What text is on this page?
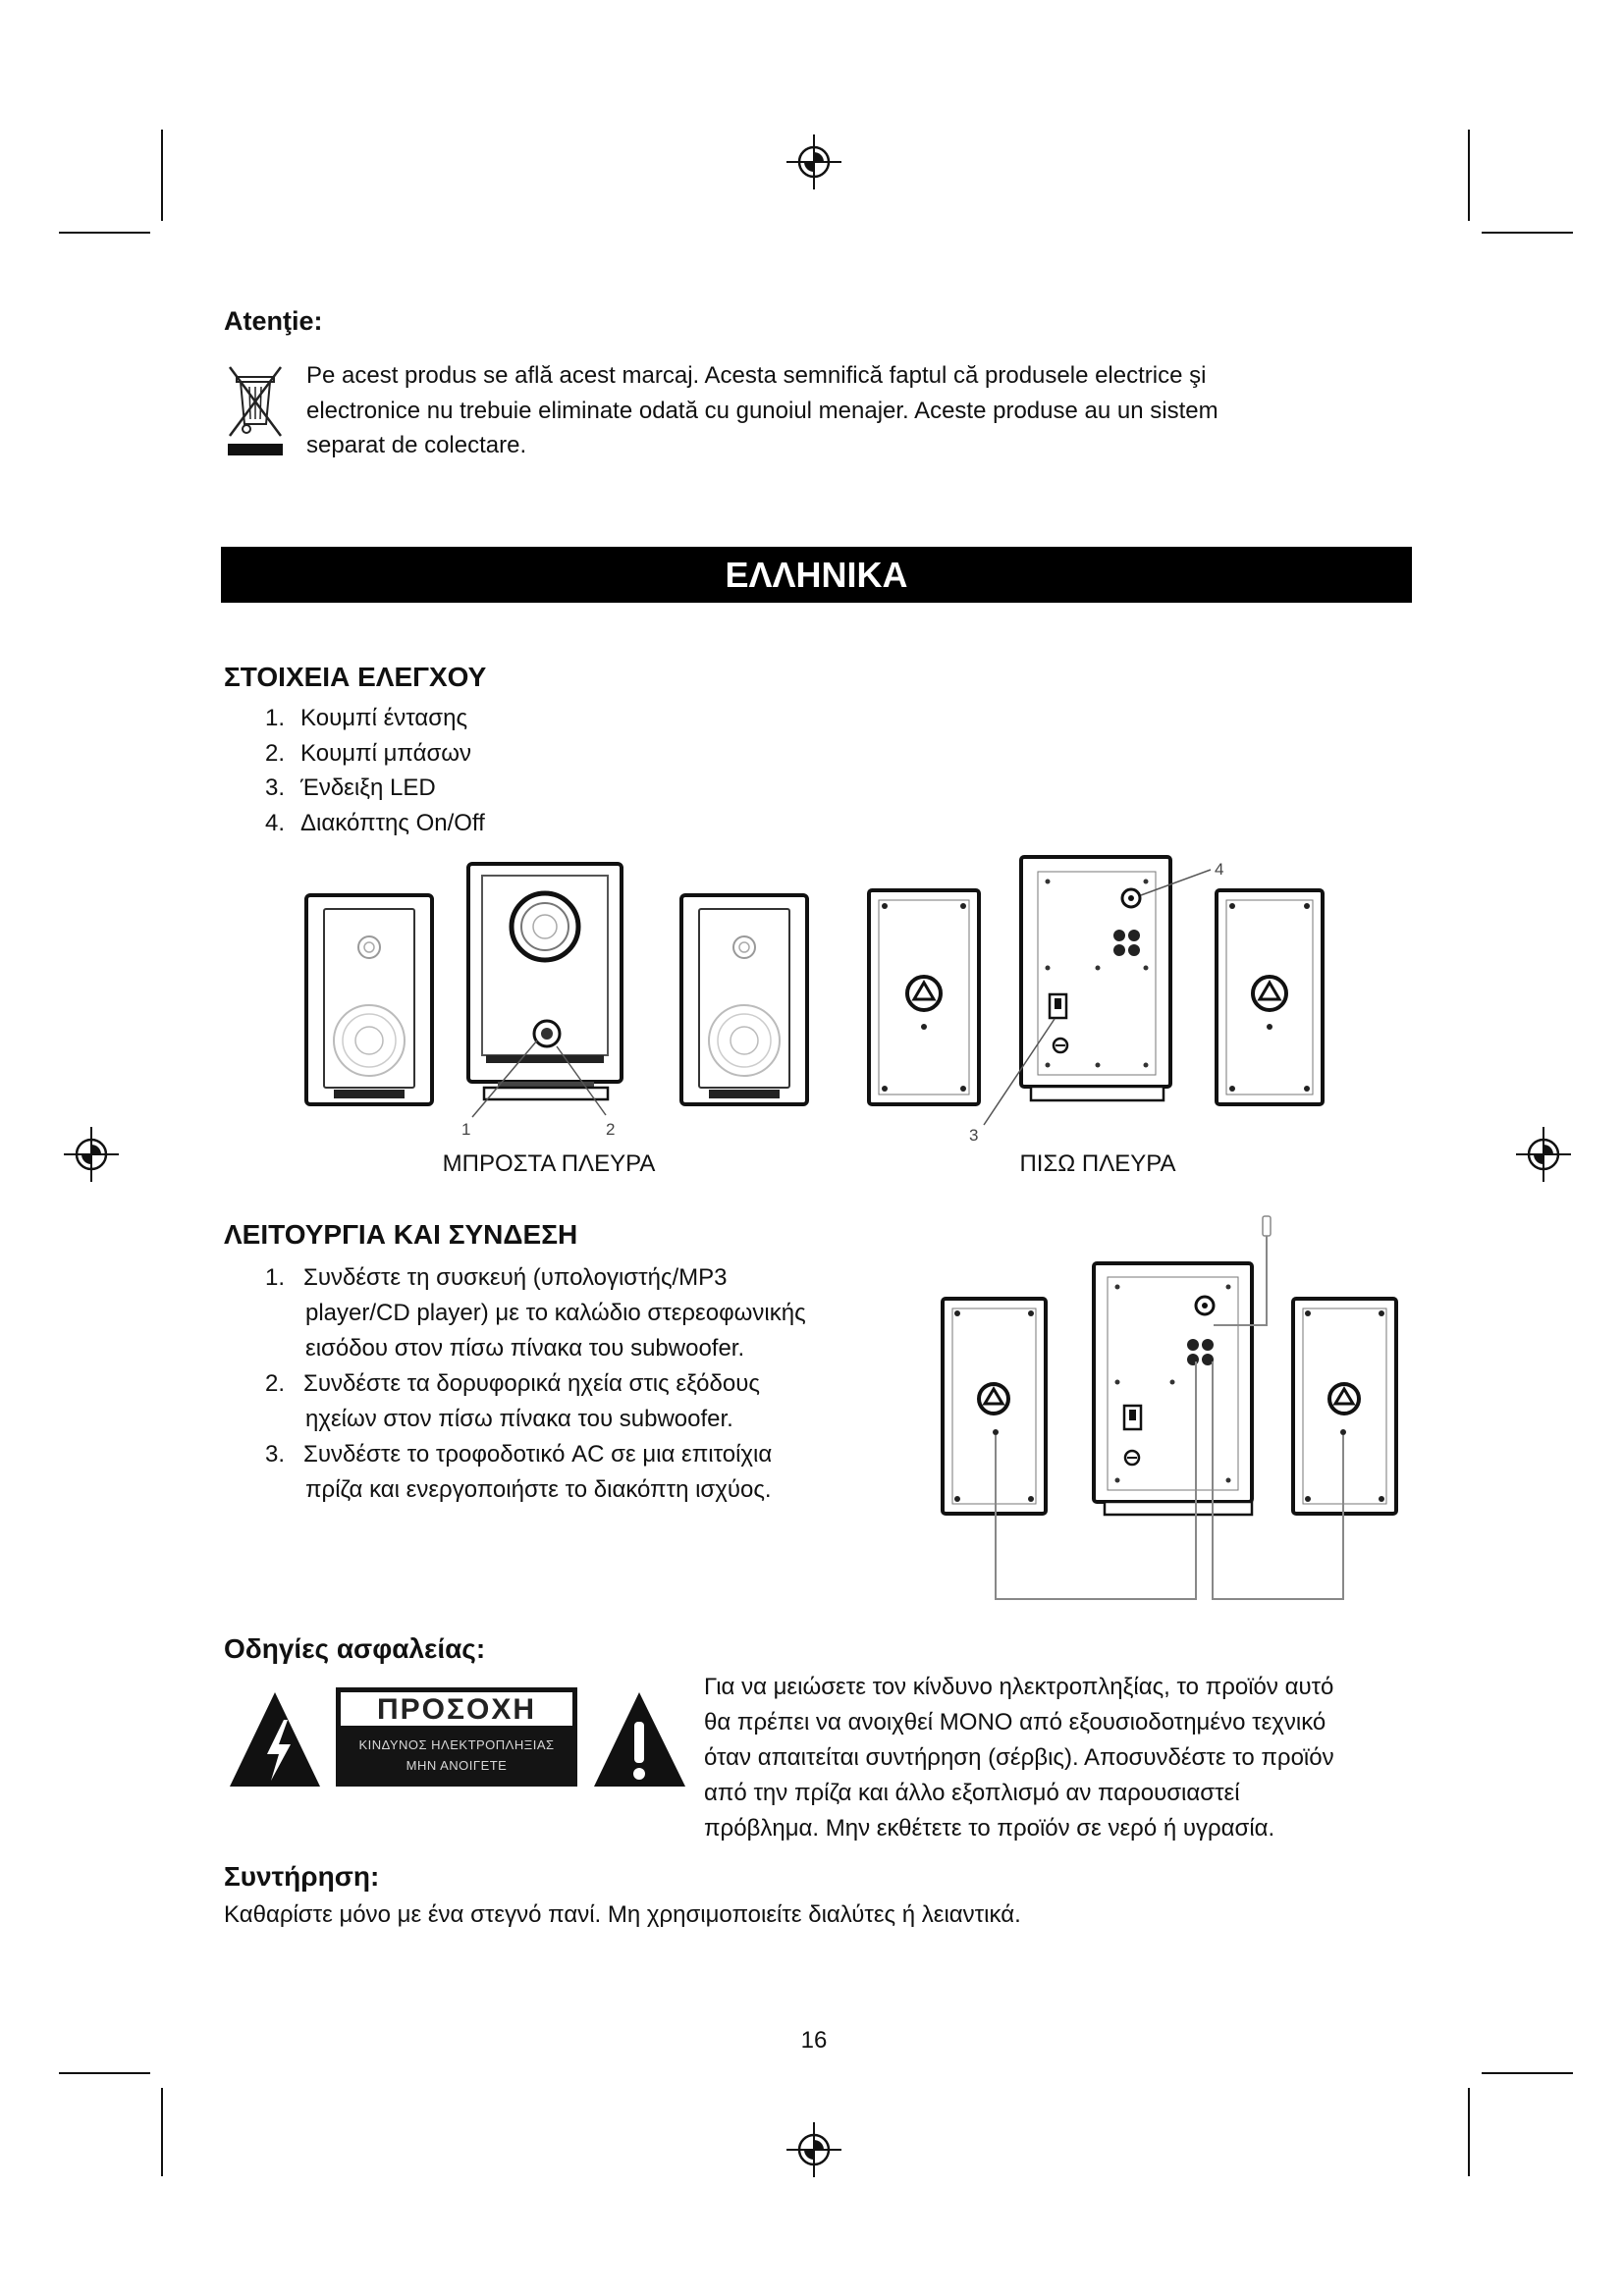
Atenţie:
Pe acest produs se află acest marcaj. Acesta semnifică faptul că produsele electrice şi
electronice nu trebuie eliminate odată cu gunoiul menajer. Aceste produse au un sistem
separat de colectare.
ΕΛΛΗΝΙΚΑ
ΣΤΟΙΧΕΙΑ ΕΛΕΓΧΟΥ
1. Κουμπί έντασης
2. Κουμπί μπάσων
3. Ένδειξη LED
4. Διακόπτης On/Off
1	2
ΜΠΡΟΣΤΑ ΠΛΕΥΡΑ
4
3
ΠΙΣΩ ΠΛΕΥΡΑ
ΛΕΙΤΟΥΡΓΙΑ ΚΑΙ ΣΥΝΔΕΣΗ
1. Συνδέστε τη συσκευή (υπολογιστής/MP3
player/CD player) με το καλώδιο στερεοφωνικής
εισόδου στον πίσω πίνακα του subwoofer.
2. Συνδέστε τα δορυφορικά ηχεία στις εξόδους
ηχείων στον πίσω πίνακα του subwoofer.
3. Συνδέστε το τροφοδοτικό AC σε μια επιτοίχια
πρίζα και ενεργοποιήστε το διακόπτη ισχύος.
Οδηγίες ασφαλείας:
ΠΡΟΣΟΧΗ
ΚΙΝΔΥΝΟΣ ΗΛΕΚΤΡΟΠΛΗΞΙΑΣ
ΜΗΝ ΑΝΟΙΓΕΤΕ
Για να μειώσετε τον κίνδυνο ηλεκτροπληξίας, το προϊόν αυτό
θα πρέπει να ανοιχθεί ΜΟΝΟ από εξουσιοδοτημένο τεχνικό
όταν απαιτείται συντήρηση (σέρβις). Αποσυνδέστε το προϊόν
από την πρίζα και άλλο εξοπλισμό αν παρουσιαστεί
πρόβλημα. Μην εκθέτετε το προϊόν σε νερό ή υγρασία.
Συντήρηση:
Καθαρίστε μόνο με ένα στεγνό πανί. Μη χρησιμοποιείτε διαλύτες ή λειαντικά.
16
